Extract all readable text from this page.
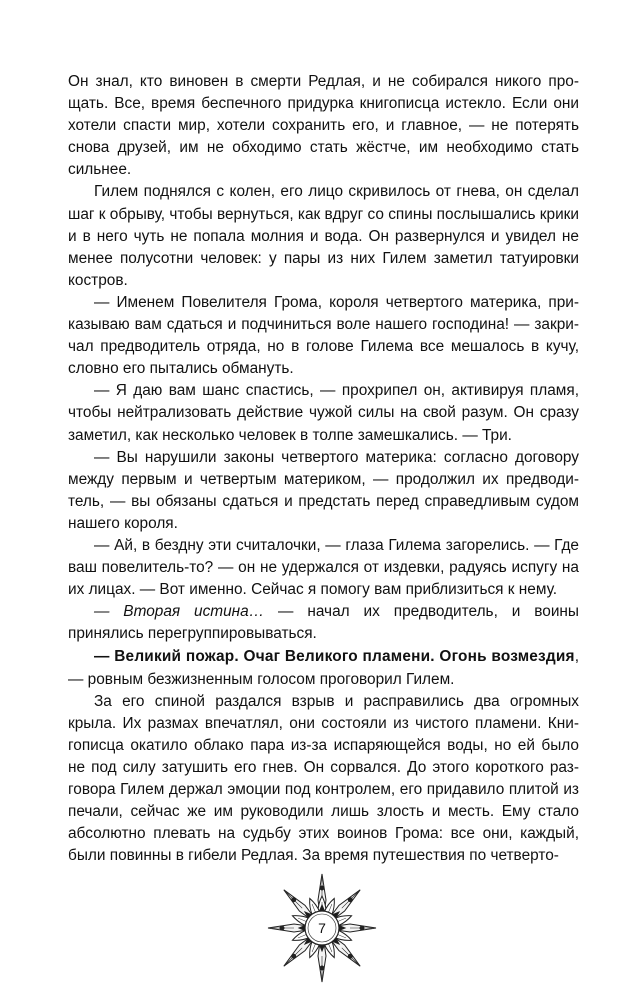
Он знал, кто виновен в смерти Редлая, и не собирался никого прощать. Все, время беспечного придурка книгописца истекло. Если они хотели спасти мир, хотели сохранить его, и главное, — не потерять снова друзей, им не обходимо стать жёстче, им необходимо стать сильнее.

Гилем поднялся с колен, его лицо скривилось от гнева, он сделал шаг к обрыву, чтобы вернуться, как вдруг со спины послышались крики и в него чуть не попала молния и вода. Он развернулся и увидел не менее полусотни человек: у пары из них Гилем заметил татуировки костров.

— Именем Повелителя Грома, короля четвертого материка, приказываю вам сдаться и подчиниться воле нашего господина! — закричал предводитель отряда, но в голове Гилема все мешалось в кучу, словно его пытались обмануть.

— Я даю вам шанс спастись, — прохрипел он, активируя пламя, чтобы нейтрализовать действие чужой силы на свой разум. Он сразу заметил, как несколько человек в толпе замешкались. — Три.

— Вы нарушили законы четвертого материка: согласно договору между первым и четвертым материком, — продолжил их предводитель, — вы обязаны сдаться и предстать перед справедливым судом нашего короля.

— Ай, в бездну эти считалочки, — глаза Гилема загорелись. — Где ваш повелитель-то? — он не удержался от издевки, радуясь испугу на их лицах. — Вот именно. Сейчас я помогу вам приблизиться к нему.

— Вторая истина… — начал их предводитель, и воины принялись перегруппировываться.

— Великий пожар. Очаг Великого пламени. Огонь возмездия, — ровным безжизненным голосом проговорил Гилем.

За его спиной раздался взрыв и расправились два огромных крыла. Их размах впечатлял, они состояли из чистого пламени. Книгописца окатило облако пара из-за испаряющейся воды, но ей было не под силу затушить его гнев. Он сорвался. До этого короткого разговора Гилем держал эмоции под контролем, его придавило плитой из печали, сейчас же им руководили лишь злость и месть. Ему стало абсолютно плевать на судьбу этих воинов Грома: все они, каждый, были повинны в гибели Редлая. За время путешествия по четверто-

7
